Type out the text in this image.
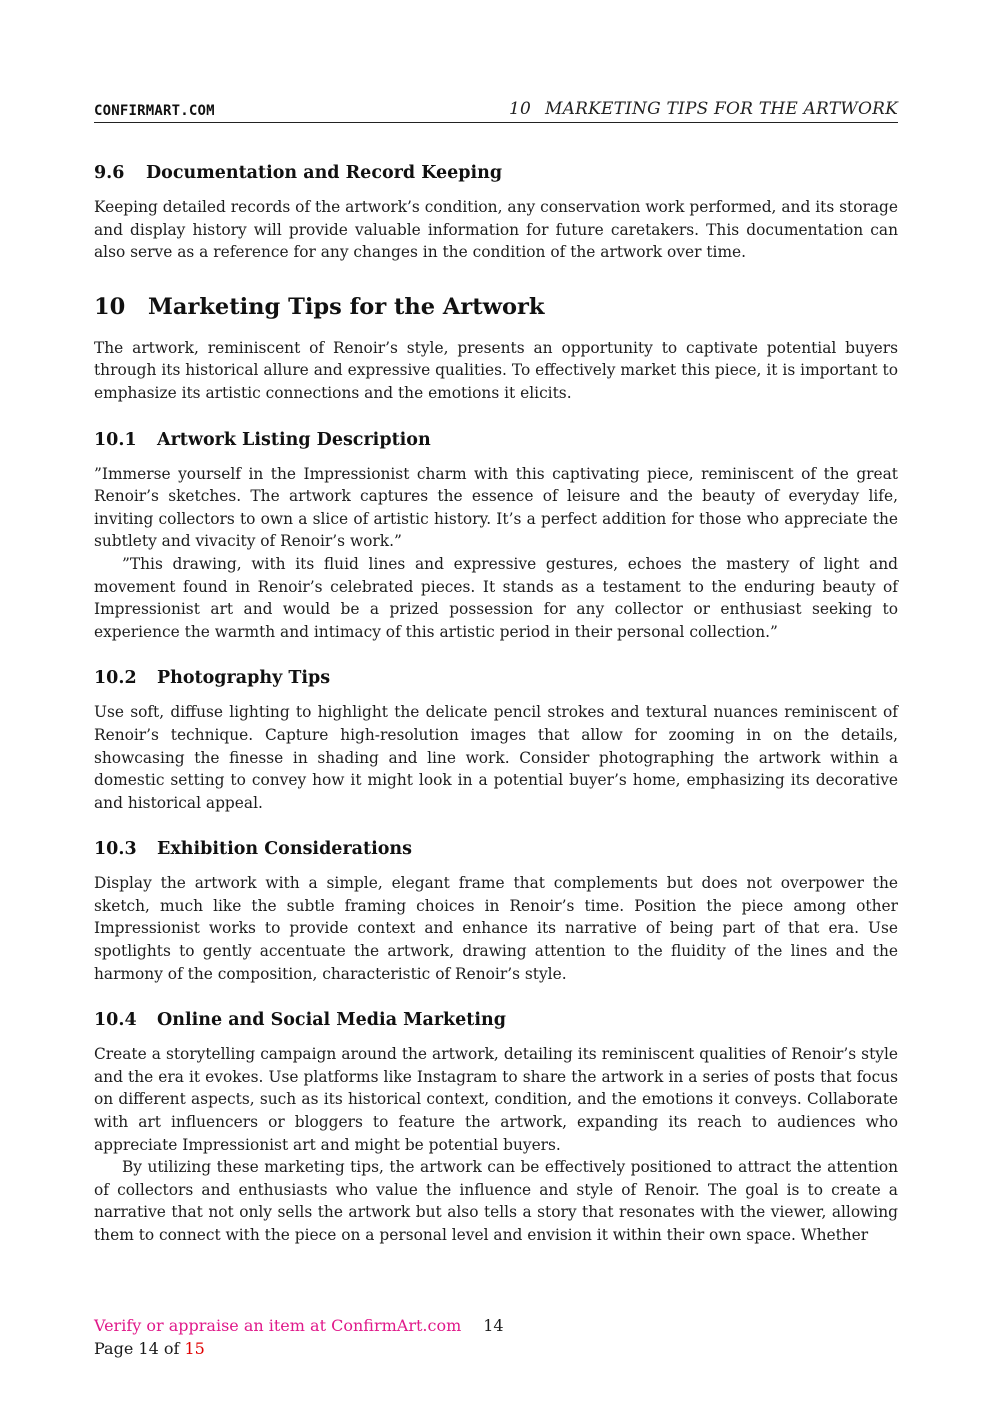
CONFIRMART.COM	10 MARKETING TIPS FOR THE ARTWORK
9.6	Documentation and Record Keeping

Keeping detailed records of the artwork’s condition, any conservation work performed, and its storage and display history will provide valuable information for future caretakers. This documentation can also serve as a reference for any changes in the condition of the artwork over time.

10	Marketing Tips for the Artwork

The artwork, reminiscent of Renoir’s style, presents an opportunity to captivate potential buyers through its historical allure and expressive qualities. To effectively market this piece, it is important to emphasize its artistic connections and the emotions it elicits.

10.1	Artwork Listing Description

”Immerse yourself in the Impressionist charm with this captivating piece, reminiscent of the great Renoir’s sketches. The artwork captures the essence of leisure and the beauty of everyday life, inviting collectors to own a slice of artistic history. It’s a perfect addition for those who appreciate the subtlety and vivacity of Renoir’s work.”

”This drawing, with its fluid lines and expressive gestures, echoes the mastery of light and movement found in Renoir’s celebrated pieces. It stands as a testament to the enduring beauty of Impressionist art and would be a prized possession for any collector or enthusiast seeking to experience the warmth and intimacy of this artistic period in their personal collection.”

10.2	Photography Tips

Use soft, diffuse lighting to highlight the delicate pencil strokes and textural nuances reminiscent of Renoir’s technique. Capture high-resolution images that allow for zooming in on the details, showcasing the finesse in shading and line work. Consider photographing the artwork within a domestic setting to convey how it might look in a potential buyer’s home, emphasizing its decorative and historical appeal.

10.3	Exhibition Considerations

Display the artwork with a simple, elegant frame that complements but does not overpower the sketch, much like the subtle framing choices in Renoir’s time. Position the piece among other Impressionist works to provide context and enhance its narrative of being part of that era. Use spotlights to gently accentuate the artwork, drawing attention to the fluidity of the lines and the harmony of the composition, characteristic of Renoir’s style.

10.4	Online and Social Media Marketing

Create a storytelling campaign around the artwork, detailing its reminiscent qualities of Renoir’s style and the era it evokes. Use platforms like Instagram to share the artwork in a series of posts that focus on different aspects, such as its historical context, condition, and the emotions it conveys. Collaborate with art influencers or bloggers to feature the artwork, expanding its reach to audiences who appreciate Impressionist art and might be potential buyers.

By utilizing these marketing tips, the artwork can be effectively positioned to attract the attention of collectors and enthusiasts who value the influence and style of Renoir. The goal is to create a narrative that not only sells the artwork but also tells a story that resonates with the viewer, allowing them to connect with the piece on a personal level and envision it within their own space. Whether

Verify or appraise an item at ConfirmArt.com 14
Page 14 of 15
